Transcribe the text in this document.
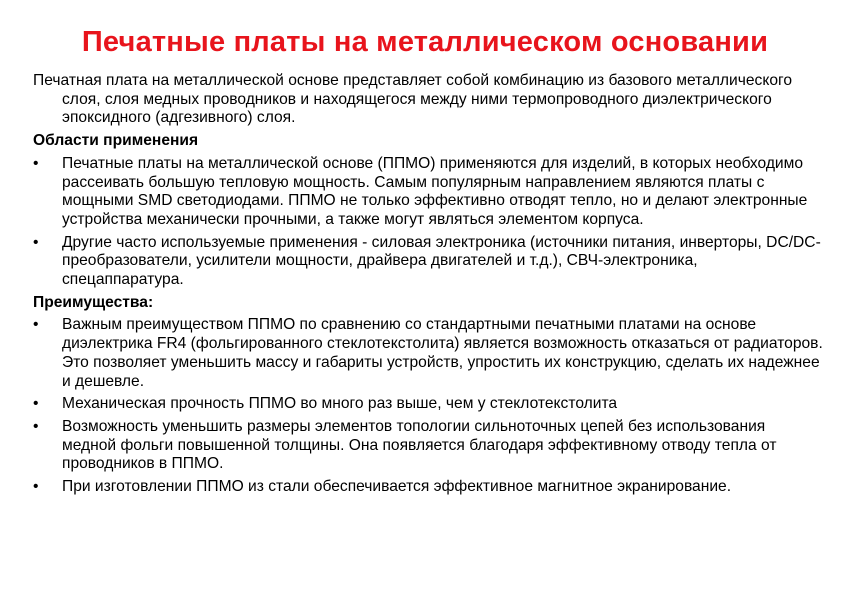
Печатные платы на металлическом основании

Печатная плата на металлической основе представляет собой комбинацию из базового металлического слоя, слоя медных проводников и находящегося между ними термопроводного диэлектрического эпоксидного (адгезивного) слоя.

Области применения
•	Печатные платы на металлической основе (ППМО) применяются для изделий, в которых необходимо рассеивать большую тепловую мощность. Самым популярным направлением являются платы с мощными SMD светодиодами. ППМО не только эффективно отводят тепло, но и делают электронные устройства механически прочными, а также могут являться элементом корпуса.
•	Другие часто используемые применения - силовая электроника (источники питания, инверторы, DC/DC-преобразователи, усилители мощности, драйвера двигателей и т.д.), СВЧ-электроника, спецаппаратура.
Преимущества:
•	Важным преимуществом ППМО по сравнению со стандартными печатными платами на основе диэлектрика FR4 (фольгированного стеклотекстолита) является возможность отказаться от радиаторов. Это позволяет уменьшить массу и габариты устройств, упростить их конструкцию, сделать их надежнее и дешевле.
•	Механическая прочность ППМО во много раз выше, чем у стеклотекстолита
•	Возможность уменьшить размеры элементов топологии сильноточных цепей без использования медной фольги повышенной толщины. Она появляется благодаря эффективному отводу тепла от проводников в ППМО.
•	При изготовлении ППМО из стали обеспечивается эффективное магнитное экранирование.
